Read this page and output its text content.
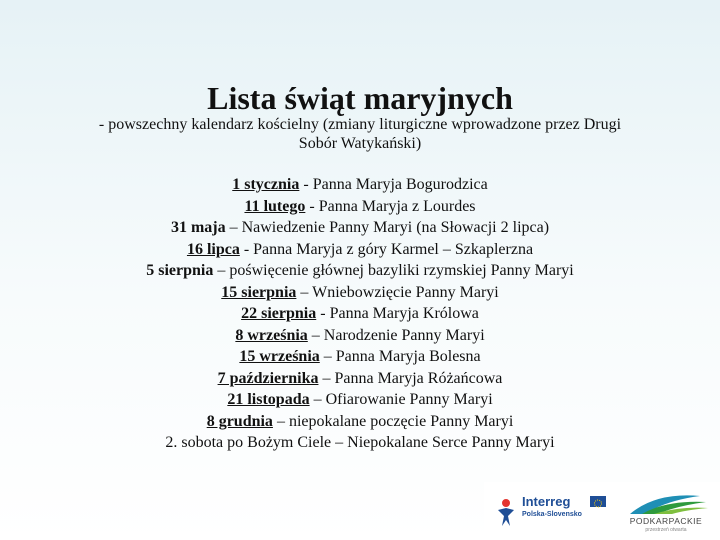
Lista świąt maryjnych
- powszechny kalendarz kościelny (zmiany liturgiczne wprowadzone przez Drugi Sobór Watykański)
1 stycznia - Panna Maryja Bogurodzica
11 lutego - Panna Maryja z Lourdes
31 maja – Nawiedzenie Panny Maryi (na Słowacji 2 lipca)
16 lipca - Panna Maryja z góry Karmel – Szkaplerzna
5 sierpnia – poświęcenie głównej bazyliki rzymskiej Panny Maryi
15 sierpnia – Wniebowzięcie Panny Maryi
22 sierpnia - Panna Maryja Królowa
8 września – Narodzenie Panny Maryi
15 września – Panna Maryja Bolesna
7 października – Panna Maryja Różańcowa
21 listopada – Ofiarowanie Panny Maryi
8 grudnia – niepokalane poczęcie Panny Maryi
2. sobota po Bożym Ciele – Niepokalane Serce Panny Maryi
Interreg
Polska-Slovensko
PODKARPACKIE
przestrzeń otwarta
